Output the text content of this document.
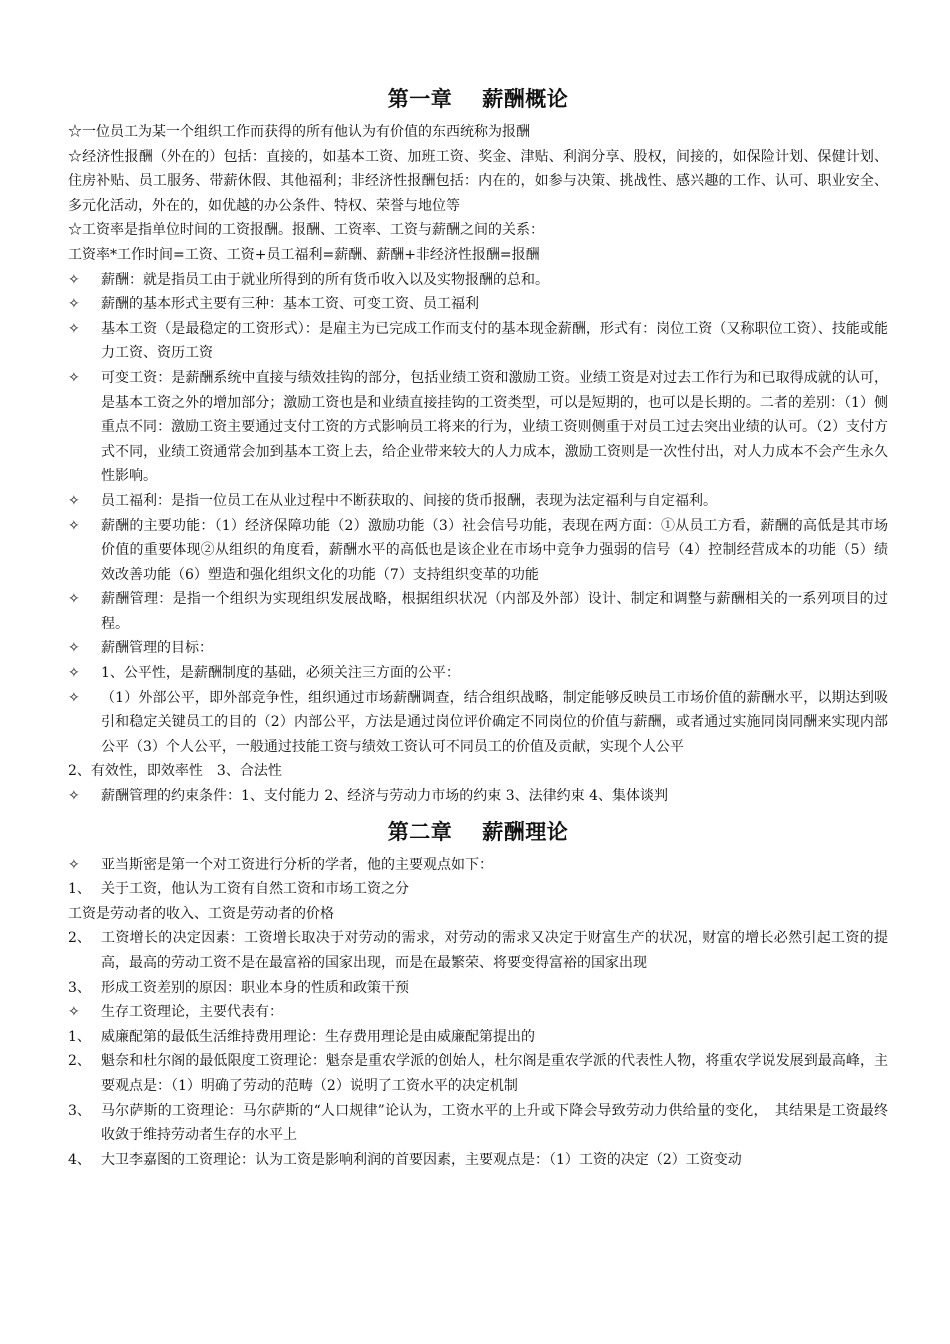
第一章 薪酬概论
☆一位员工为某一个组织工作而获得的所有他认为有价值的东西统称为报酬
☆经济性报酬（外在的）包括：直接的，如基本工资、加班工资、奖金、津贴、利润分享、股权，间接的，如保险计划、保健计划、住房补贴、员工服务、带薪休假、其他福利；非经济性报酬包括：内在的，如参与决策、挑战性、感兴趣的工作、认可、职业安全、多元化活动，外在的，如优越的办公条件、特权、荣誉与地位等
☆工资率是指单位时间的工资报酬。报酬、工资率、工资与薪酬之间的关系：
工资率*工作时间=工资、工资+员工福利=薪酬、薪酬+非经济性报酬=报酬
✧	薪酬：就是指员工由于就业所得到的所有货币收入以及实物报酬的总和。
✧	薪酬的基本形式主要有三种：基本工资、可变工资、员工福利
✧	基本工资（是最稳定的工资形式）：是雇主为已完成工作而支付的基本现金薪酬，形式有：岗位工资（又称职位工资）、技能或能力工资、资历工资
✧	可变工资：是薪酬系统中直接与绩效挂钩的部分，包括业绩工资和激励工资。业绩工资是对过去工作行为和已取得成就的认可，是基本工资之外的增加部分；激励工资也是和业绩直接挂钩的工资类型，可以是短期的，也可以是长期的。二者的差别：（1）侧重点不同：激励工资主要通过支付工资的方式影响员工将来的行为，业绩工资则侧重于对员工过去突出业绩的认可。（2）支付方式不同，业绩工资通常会加到基本工资上去，给企业带来较大的人力成本，激励工资则是一次性付出，对人力成本不会产生永久性影响。
✧	员工福利：是指一位员工在从业过程中不断获取的、间接的货币报酬，表现为法定福利与自定福利。
✧	薪酬的主要功能：（1）经济保障功能（2）激励功能（3）社会信号功能，表现在两方面：①从员工方看，薪酬的高低是其市场价值的重要体现②从组织的角度看，薪酬水平的高低也是该企业在市场中竞争力强弱的信号（4）控制经营成本的功能（5）绩效改善功能（6）塑造和强化组织文化的功能（7）支持组织变革的功能
✧	薪酬管理：是指一个组织为实现组织发展战略，根据组织状况（内部及外部）设计、制定和调整与薪酬相关的一系列项目的过程。
✧	薪酬管理的目标：
✧	1、公平性，是薪酬制度的基础，必须关注三方面的公平：
✧	（1）外部公平，即外部竞争性，组织通过市场薪酬调查，结合组织战略，制定能够反映员工市场价值的薪酬水平，以期达到吸引和稳定关键员工的目的（2）内部公平，方法是通过岗位评价确定不同岗位的价值与薪酬，或者通过实施同岗同酬来实现内部公平（3）个人公平，一般通过技能工资与绩效工资认可不同员工的价值及贡献，实现个人公平
2、有效性，即效率性　3、合法性
✧	薪酬管理的约束条件：1、支付能力 2、经济与劳动力市场的约束 3、法律约束 4、集体谈判
第二章 薪酬理论
✧	亚当斯密是第一个对工资进行分析的学者，他的主要观点如下：
1、 关于工资，他认为工资有自然工资和市场工资之分
工资是劳动者的收入、工资是劳动者的价格
2、 工资增长的决定因素：工资增长取决于对劳动的需求，对劳动的需求又决定于财富生产的状况，财富的增长必然引起工资的提高，最高的劳动工资不是在最富裕的国家出现，而是在最繁荣、将要变得富裕的国家出现
3、 形成工资差别的原因：职业本身的性质和政策干预
✧	生存工资理论，主要代表有：
1、 威廉配第的最低生活维持费用理论：生存费用理论是由威廉配第提出的
2、 魁奈和杜尔阁的最低限度工资理论：魁奈是重农学派的创始人，杜尔阁是重农学派的代表性人物，将重农学说发展到最高峰，主要观点是：（1）明确了劳动的范畴（2）说明了工资水平的决定机制
3、 马尔萨斯的工资理论：马尔萨斯的“人口规律”论认为，工资水平的上升或下降会导致劳动力供给量的变化，　其结果是工资最终收敛于维持劳动者生存的水平上
4、 大卫李嘉图的工资理论：认为工资是影响利润的首要因素，主要观点是：（1）工资的决定（2）工资变动
